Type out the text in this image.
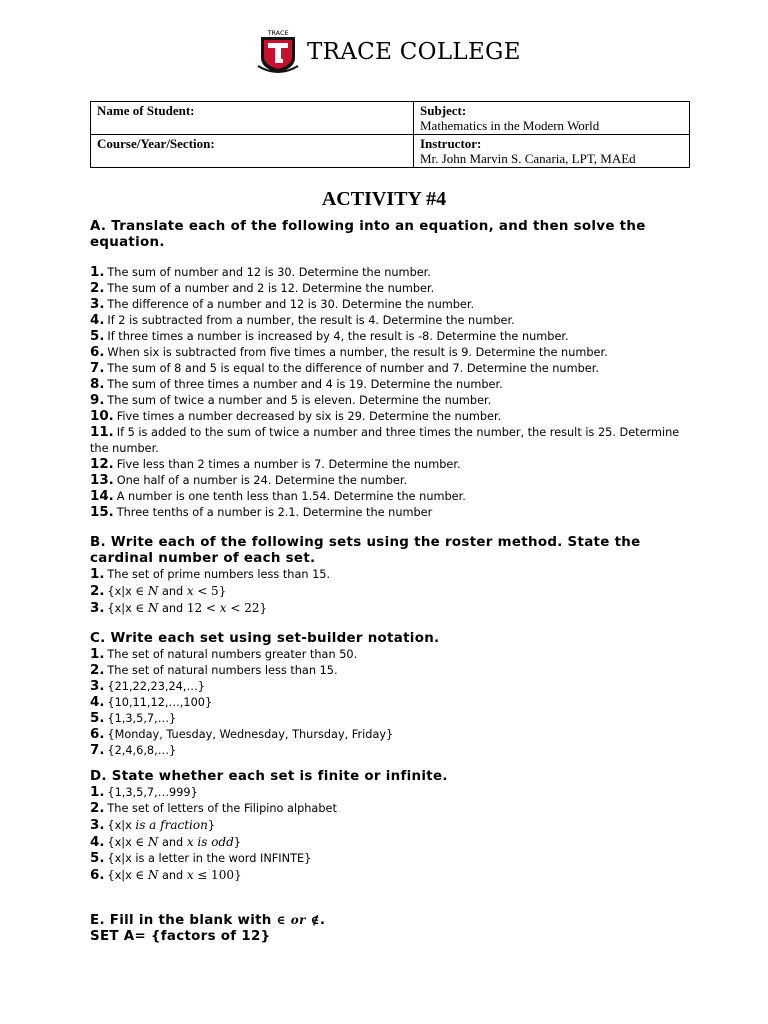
TRACE
TRACE COLLEGE
Name of Student:	Subject:
Mathematics in the Modern World

Course/Year/Section:	Instructor:
Mr. John Marvin S. Canaria, LPT, MAEd
ACTIVITY #4
A. Translate each of the following into an equation, and then solve the equation.
1. The sum of number and 12 is 30. Determine the number.
2. The sum of a number and 2 is 12. Determine the number.
3. The difference of a number and 12 is 30. Determine the number.
4. If 2 is subtracted from a number, the result is 4. Determine the number.
5. If three times a number is increased by 4, the result is -8. Determine the number.
6. When six is subtracted from five times a number, the result is 9. Determine the number.
7. The sum of 8 and 5 is equal to the difference of number and 7. Determine the number.
8. The sum of three times a number and 4 is 19. Determine the number.
9. The sum of twice a number and 5 is eleven. Determine the number.
10. Five times a number decreased by six is 29. Determine the number.
11. If 5 is added to the sum of twice a number and three times the number, the result is 25. Determine the number.
12. Five less than 2 times a number is 7. Determine the number.
13. One half of a number is 24. Determine the number.
14. A number is one tenth less than 1.54. Determine the number.
15. Three tenths of a number is 2.1. Determine the number
B. Write each of the following sets using the roster method. State the cardinal number of each set.
1. The set of prime numbers less than 15.
2. {x|x ∈ N and x < 5}
3. {x|x ∈ N and 12 < x < 22}
C. Write each set using set-builder notation.
1. The set of natural numbers greater than 50.
2. The set of natural numbers less than 15.
3. {21,22,23,24,…}
4. {10,11,12,…,100}
5. {1,3,5,7,…}
6. {Monday, Tuesday, Wednesday, Thursday, Friday}
7. {2,4,6,8,…}
D. State whether each set is finite or infinite.
1. {1,3,5,7,…999}
2. The set of letters of the Filipino alphabet
3. {x|x is a fraction}
4. {x|x ∈ N and x is odd}
5. {x|x is a letter in the word INFINTE}
6. {x|x ∈ N and x ≤ 100}
E. Fill in the blank with ∈ or ∉.
SET A= {factors of 12}
